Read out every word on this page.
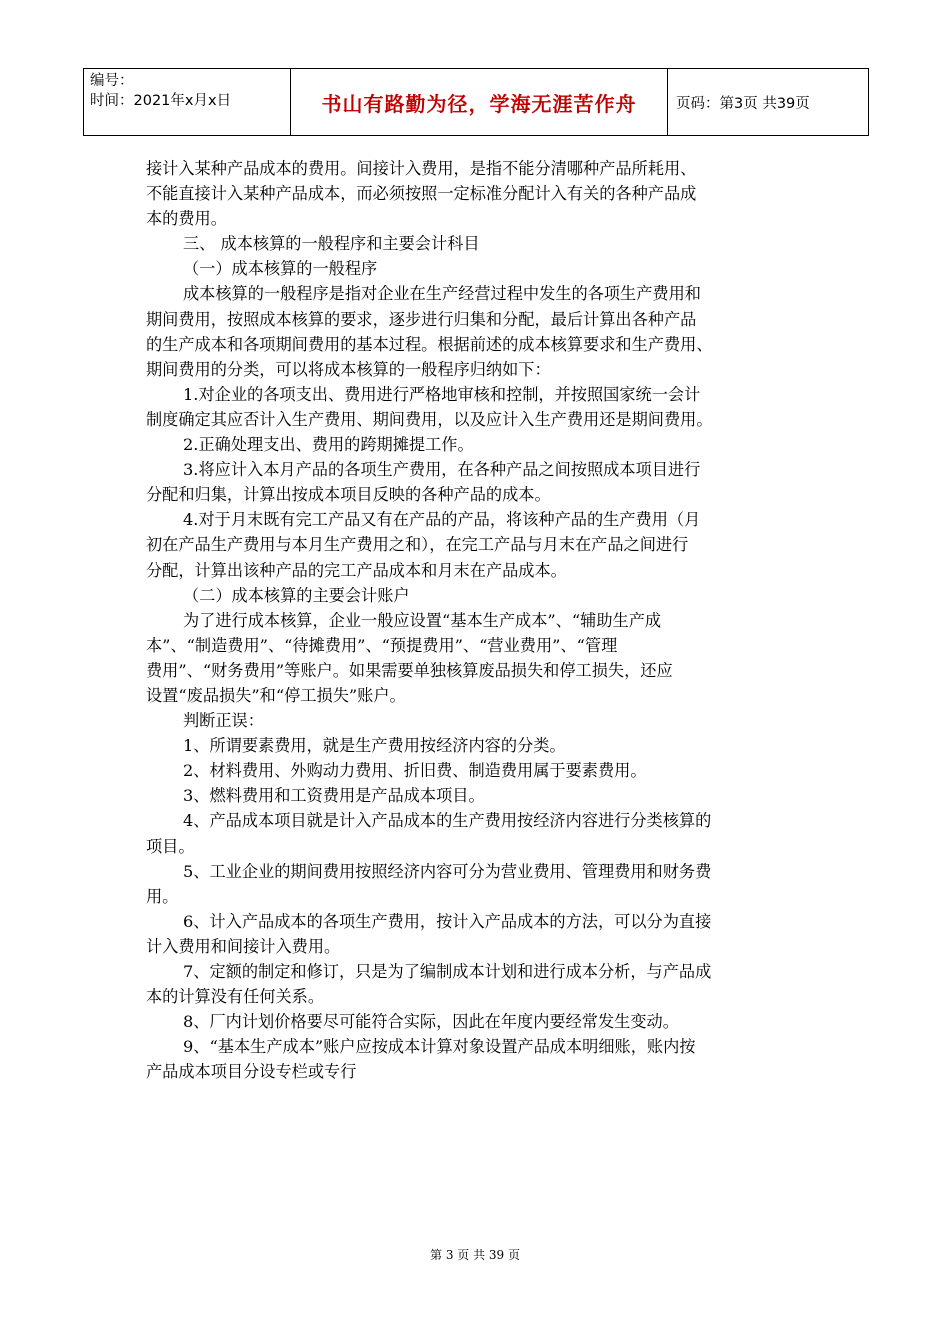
编号：
时间：2021年x月x日	书山有路勤为径，学海无涯苦作舟	页码：第3页 共39页

接计入某种产品成本的费用。间接计入费用，是指不能分清哪种产品所耗用、

不能直接计入某种产品成本，而必须按照一定标准分配计入有关的各种产品成

本的费用。

三、 成本核算的一般程序和主要会计科目

（一）成本核算的一般程序

成本核算的一般程序是指对企业在生产经营过程中发生的各项生产费用和

期间费用，按照成本核算的要求，逐步进行归集和分配，最后计算出各种产品

的生产成本和各项期间费用的基本过程。根据前述的成本核算要求和生产费用、

期间费用的分类，可以将成本核算的一般程序归纳如下：

1.对企业的各项支出、费用进行严格地审核和控制，并按照国家统一会计

制度确定其应否计入生产费用、期间费用，以及应计入生产费用还是期间费用。

2.正确处理支出、费用的跨期摊提工作。

3.将应计入本月产品的各项生产费用，在各种产品之间按照成本项目进行

分配和归集，计算出按成本项目反映的各种产品的成本。

4.对于月末既有完工产品又有在产品的产品，将该种产品的生产费用（月

初在产品生产费用与本月生产费用之和），在完工产品与月末在产品之间进行

分配，计算出该种产品的完工产品成本和月末在产品成本。

（二）成本核算的主要会计账户

为了进行成本核算，企业一般应设置“基本生产成本”、“辅助生产成

本”、“制造费用”、“待摊费用”、“预提费用”、“营业费用”、“管理

费用”、“财务费用”等账户。如果需要单独核算废品损失和停工损失，还应

设置“废品损失”和“停工损失”账户。

判断正误：

1、所谓要素费用，就是生产费用按经济内容的分类。

2、材料费用、外购动力费用、折旧费、制造费用属于要素费用。

3、燃料费用和工资费用是产品成本项目。

4、产品成本项目就是计入产品成本的生产费用按经济内容进行分类核算的

项目。

5、工业企业的期间费用按照经济内容可分为营业费用、管理费用和财务费

用。

6、计入产品成本的各项生产费用，按计入产品成本的方法，可以分为直接

计入费用和间接计入费用。

7、定额的制定和修订，只是为了编制成本计划和进行成本分析，与产品成

本的计算没有任何关系。

8、厂内计划价格要尽可能符合实际，因此在年度内要经常发生变动。

9、“基本生产成本”账户应按成本计算对象设置产品成本明细账，账内按

产品成本项目分设专栏或专行

第 3 页 共 39 页
